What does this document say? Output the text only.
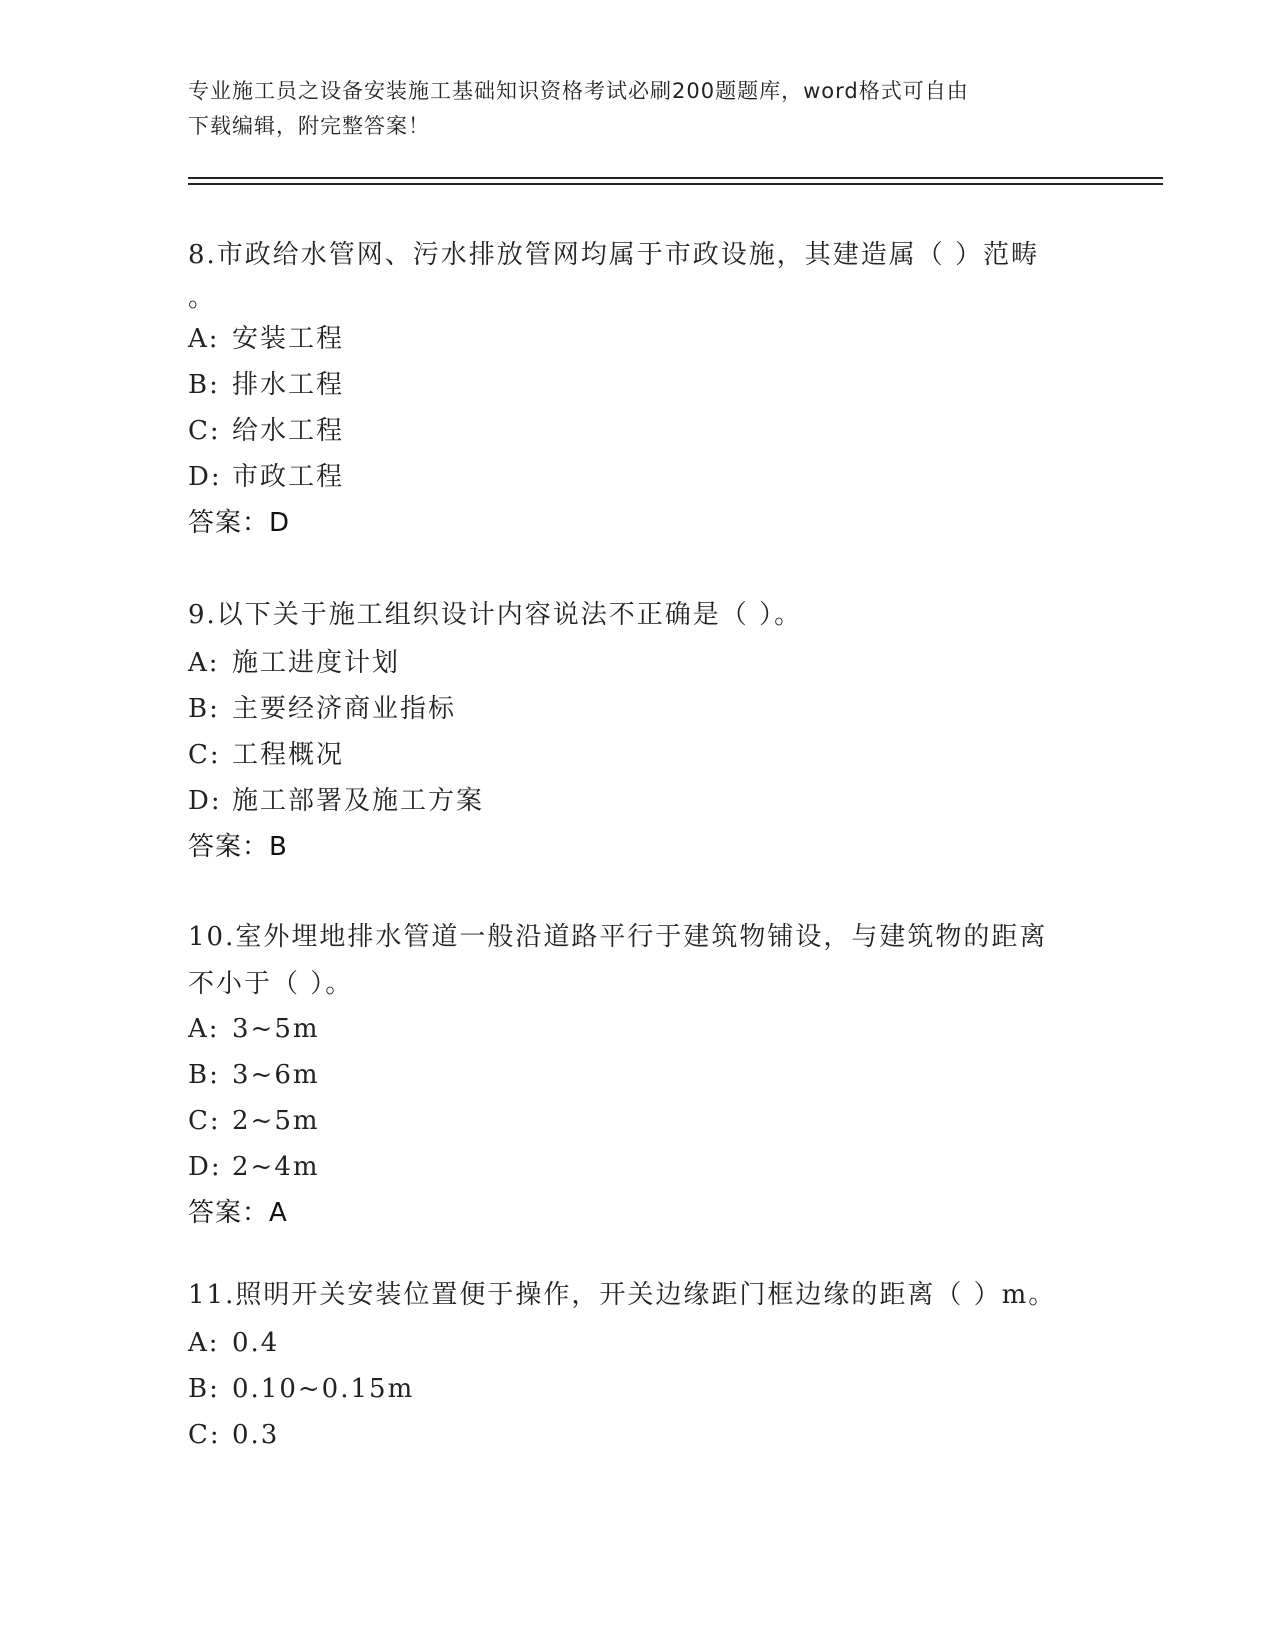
专业施工员之设备安装施工基础知识资格考试必刷200题题库，word格式可自由
下载编辑，附完整答案！
8.市政给水管网、污水排放管网均属于市政设施，其建造属（ ）范畴
。
A: 安装工程
B: 排水工程
C: 给水工程
D: 市政工程
答案：D
9.以下关于施工组织设计内容说法不正确是（ ）。
A: 施工进度计划
B: 主要经济商业指标
C: 工程概况
D: 施工部署及施工方案
答案：B
10.室外埋地排水管道一般沿道路平行于建筑物铺设，与建筑物的距离
不小于（ ）。
A: 3~5m
B: 3~6m
C: 2~5m
D: 2~4m
答案：A
11.照明开关安装位置便于操作，开关边缘距门框边缘的距离（ ）m。
A: 0.4
B: 0.10~0.15m
C: 0.3
